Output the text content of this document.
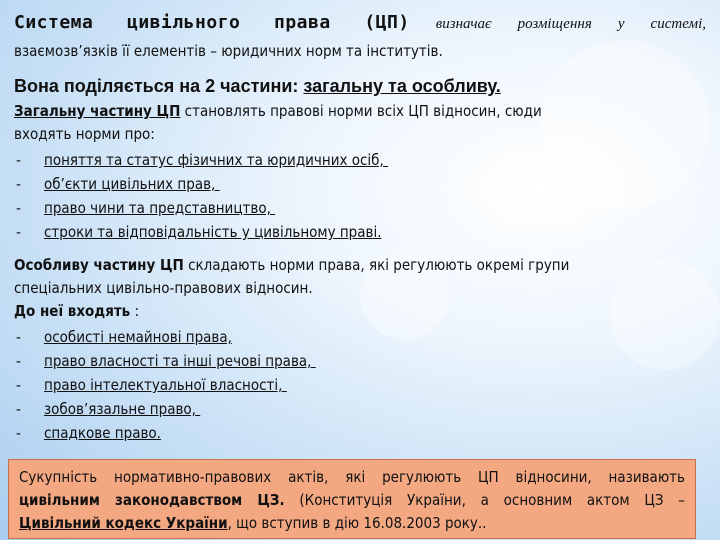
Система цивільного права (ЦП) визначає розміщення у системі,
взаємозв’язків її елементів – юридичних норм та інститутів.
Вона поділяється на 2 частини: загальну та особливу.
Загальну частину ЦП становлять правові норми всіх ЦП відносин, сюди
входять норми про:
- поняття та статус фізичних та юридичних осіб,
- об’єкти цивільних прав,
- право чини та представництво,
- строки та відповідальність у цивільному праві.
Особливу частину ЦП складають норми права, які регулюють окремі групи
спеціальних цивільно-правових відносин.
До неї входять :
- особисті немайнові права,
- право власності та інші речові права,
- право інтелектуальної власності,
- зобов’язальне право,
- спадкове право.
Сукупність нормативно-правових актів, які регулюють ЦП відносини, називають
цивільним законодавством ЦЗ. (Конституція України, а основним актом ЦЗ –
Цивільний кодекс України, що вступив в дію 16.08.2003 року..
